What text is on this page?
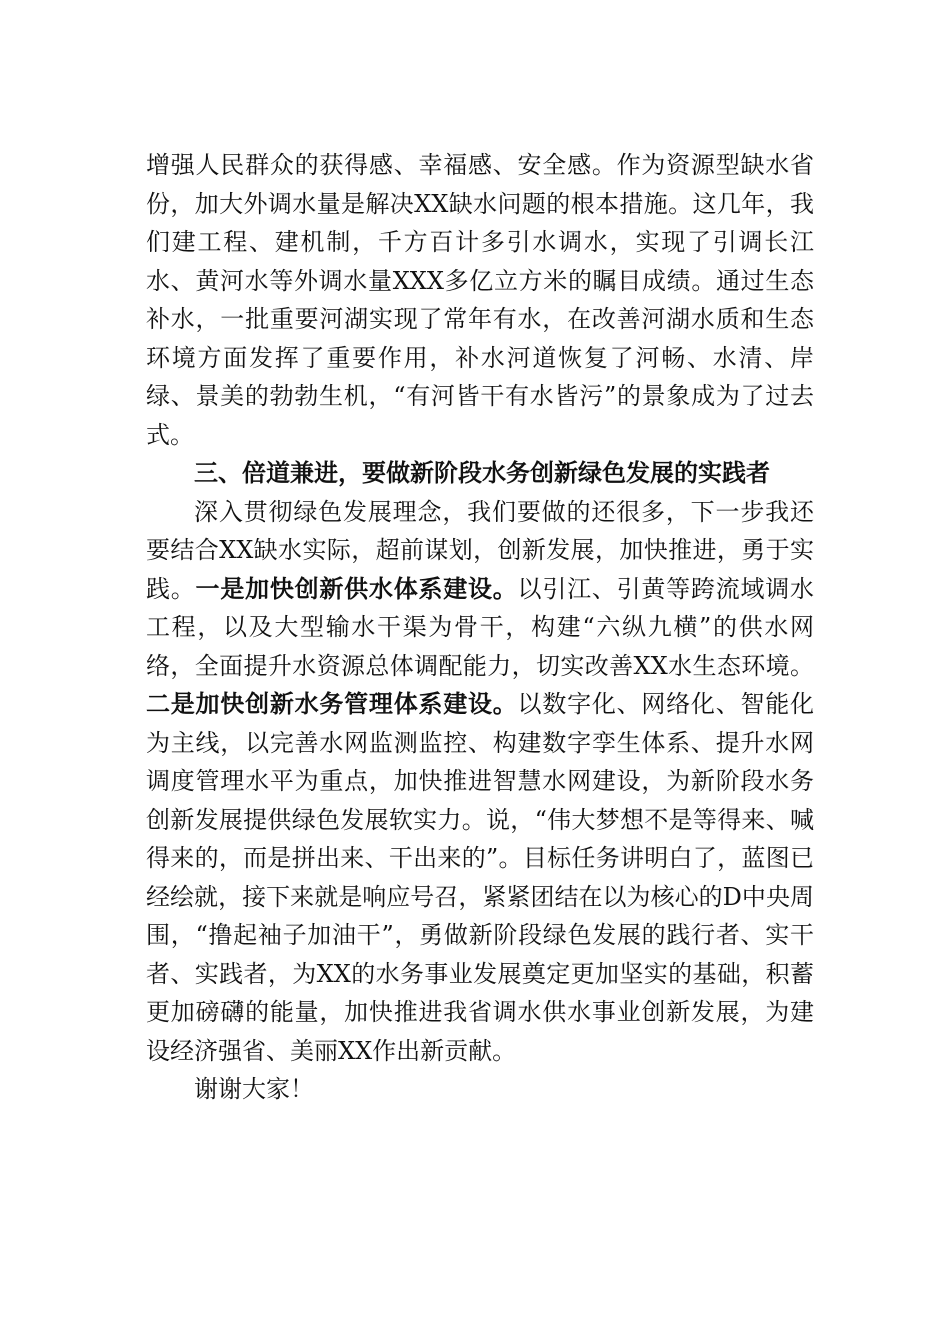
增强人民群众的获得感、幸福感、安全感。作为资源型缺水省份，加大外调水量是解决XX缺水问题的根本措施。这几年，我们建工程、建机制，千方百计多引水调水，实现了引调长江水、黄河水等外调水量XXX多亿立方米的瞩目成绩。通过生态补水，一批重要河湖实现了常年有水，在改善河湖水质和生态环境方面发挥了重要作用，补水河道恢复了河畅、水清、岸绿、景美的勃勃生机，“有河皆干有水皆污”的景象成为了过去式。

三、倍道兼进，要做新阶段水务创新绿色发展的实践者

深入贯彻绿色发展理念，我们要做的还很多，下一步我还要结合XX缺水实际，超前谋划，创新发展，加快推进，勇于实践。一是加快创新供水体系建设。以引江、引黄等跨流域调水工程，以及大型输水干渠为骨干，构建“六纵九横”的供水网络，全面提升水资源总体调配能力，切实改善XX水生态环境。二是加快创新水务管理体系建设。以数字化、网络化、智能化为主线，以完善水网监测监控、构建数字孪生体系、提升水网调度管理水平为重点，加快推进智慧水网建设，为新阶段水务创新发展提供绿色发展软实力。说，“伟大梦想不是等得来、喊得来的，而是拼出来、干出来的”。目标任务讲明白了，蓝图已经绘就，接下来就是响应号召，紧紧团结在以为核心的D中央周围，“撸起袖子加油干”，勇做新阶段绿色发展的践行者、实干者、实践者，为XX的水务事业发展奠定更加坚实的基础，积蓄更加磅礴的能量，加快推进我省调水供水事业创新发展，为建设经济强省、美丽XX作出新贡献。

谢谢大家！
